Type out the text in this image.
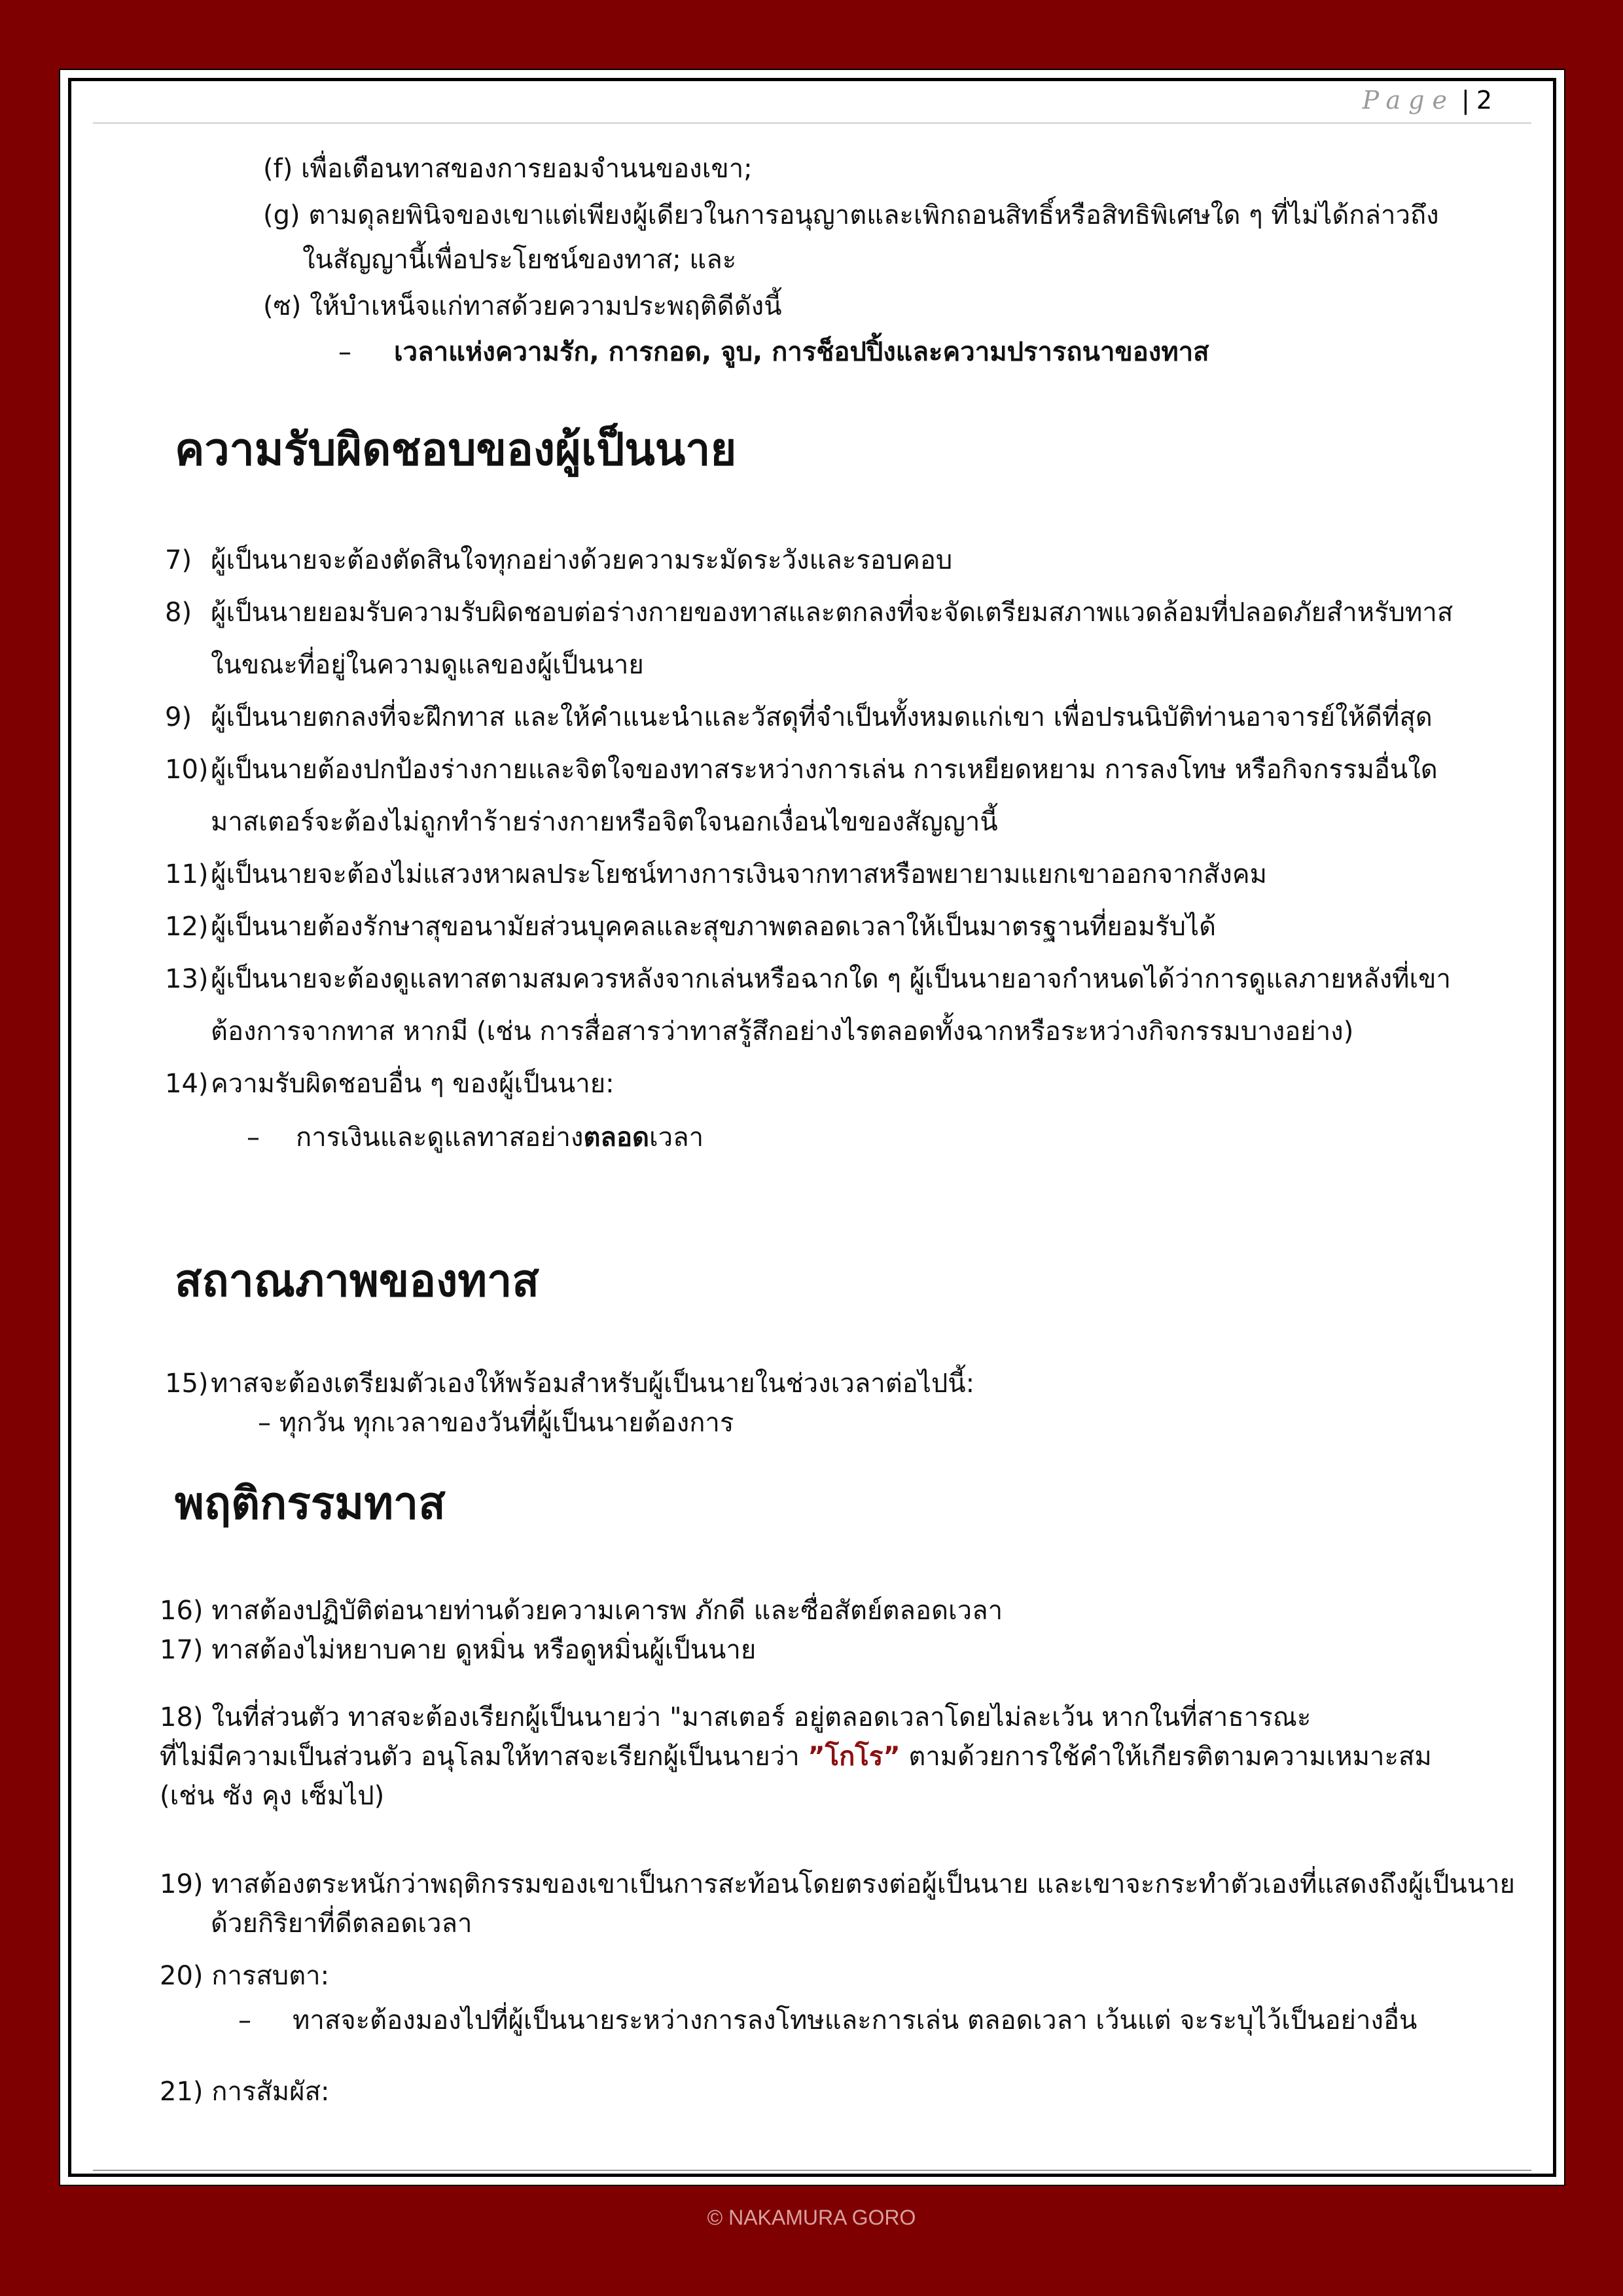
Page | 2
(f) เพื่อเตือนทาสของการยอมจำนนของเขา;
(g) ตามดุลยพินิจของเขาแต่เพียงผู้เดียวในการอนุญาตและเพิกถอนสิทธิ์หรือสิทธิพิเศษใด ๆ ที่ไม่ได้กล่าวถึง
ในสัญญานี้เพื่อประโยชน์ของทาส; และ
(ซ) ให้บำเหน็จแก่ทาสด้วยความประพฤติดีดังนี้
– เวลาแห่งความรัก, การกอด, จูบ, การช็อปปิ้งและความปรารถนาของทาส
ความรับผิดชอบของผู้เป็นนาย
7) ผู้เป็นนายจะต้องตัดสินใจทุกอย่างด้วยความระมัดระวังและรอบคอบ
8) ผู้เป็นนายยอมรับความรับผิดชอบต่อร่างกายของทาสและตกลงที่จะจัดเตรียมสภาพแวดล้อมที่ปลอดภัยสำหรับทาส
ในขณะที่อยู่ในความดูแลของผู้เป็นนาย
9) ผู้เป็นนายตกลงที่จะฝึกทาส และให้คำแนะนำและวัสดุที่จำเป็นทั้งหมดแก่เขา เพื่อปรนนิบัติท่านอาจารย์ให้ดีที่สุด
10) ผู้เป็นนายต้องปกป้องร่างกายและจิตใจของทาสระหว่างการเล่น การเหยียดหยาม การลงโทษ หรือกิจกรรมอื่นใด
มาสเตอร์จะต้องไม่ถูกทำร้ายร่างกายหรือจิตใจนอกเงื่อนไขของสัญญานี้
11) ผู้เป็นนายจะต้องไม่แสวงหาผลประโยชน์ทางการเงินจากทาสหรือพยายามแยกเขาออกจากสังคม
12) ผู้เป็นนายต้องรักษาสุขอนามัยส่วนบุคคลและสุขภาพตลอดเวลาให้เป็นมาตรฐานที่ยอมรับได้
13) ผู้เป็นนายจะต้องดูแลทาสตามสมควรหลังจากเล่นหรือฉากใด ๆ ผู้เป็นนายอาจกำหนดได้ว่าการดูแลภายหลังที่เขา
ต้องการจากทาส หากมี (เช่น การสื่อสารว่าทาสรู้สึกอย่างไรตลอดทั้งฉากหรือระหว่างกิจกรรมบางอย่าง)
14) ความรับผิดชอบอื่น ๆ ของผู้เป็นนาย:
– การเงินและดูแลทาสอย่างตลอดเวลา
สถาณภาพของทาส
15) ทาสจะต้องเตรียมตัวเองให้พร้อมสำหรับผู้เป็นนายในช่วงเวลาต่อไปนี้:
– ทุกวัน ทุกเวลาของวันที่ผู้เป็นนายต้องการ
พฤติกรรมทาส
16) ทาสต้องปฏิบัติต่อนายท่านด้วยความเคารพ ภักดี และซื่อสัตย์ตลอดเวลา
17) ทาสต้องไม่หยาบคาย ดูหมิ่น หรือดูหมิ่นผู้เป็นนาย
18) ในที่ส่วนตัว ทาสจะต้องเรียกผู้เป็นนายว่า "มาสเตอร์ อยู่ตลอดเวลาโดยไม่ละเว้น หากในที่สาธารณะ
ที่ไม่มีความเป็นส่วนตัว อนุโลมให้ทาสจะเรียกผู้เป็นนายว่า ”โกโร” ตามด้วยการใช้คำให้เกียรติตามความเหมาะสม
(เช่น ซัง คุง เซ็มไป)
19) ทาสต้องตระหนักว่าพฤติกรรมของเขาเป็นการสะท้อนโดยตรงต่อผู้เป็นนาย และเขาจะกระทำตัวเองที่แสดงถึงผู้เป็นนาย
ด้วยกิริยาที่ดีตลอดเวลา
20) การสบตา:
– ทาสจะต้องมองไปที่ผู้เป็นนายระหว่างการลงโทษและการเล่น ตลอดเวลา เว้นแต่ จะระบุไว้เป็นอย่างอื่น
21) การสัมผัส:
© NAKAMURA GORO
